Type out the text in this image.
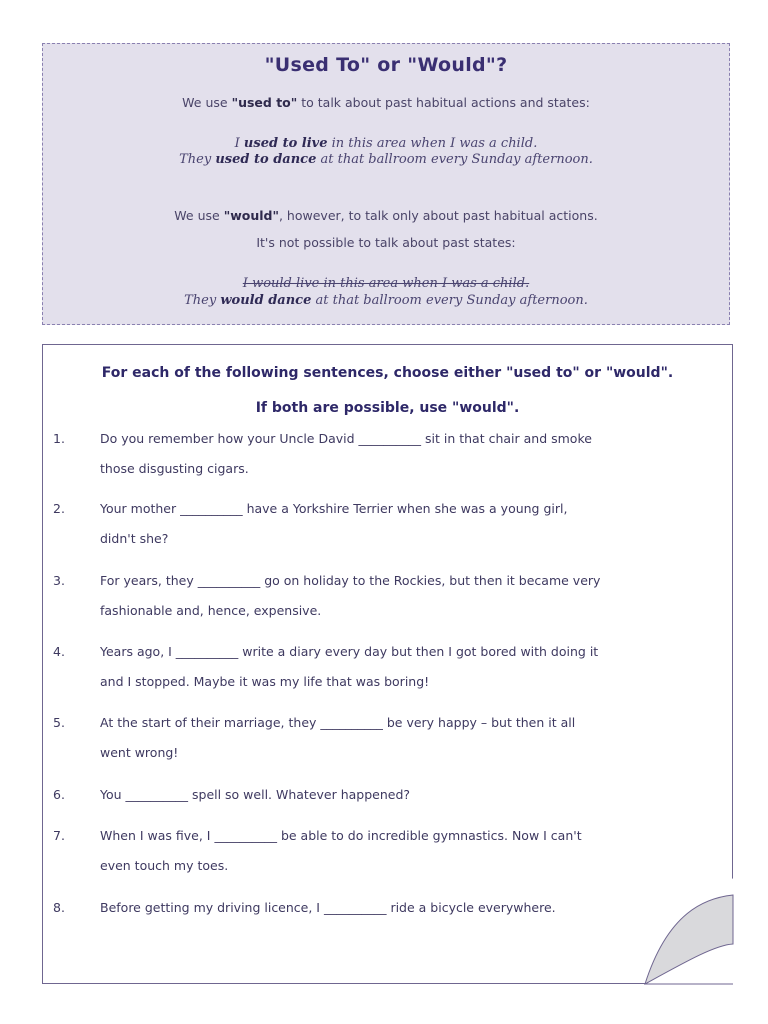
"Used To" or "Would"?
We use "used to" to talk about past habitual actions and states:
I used to live in this area when I was a child.
They used to dance at that ballroom every Sunday afternoon.
We use "would", however, to talk only about past habitual actions.
It's not possible to talk about past states:
I would live in this area when I was a child.
They would dance at that ballroom every Sunday afternoon.
For each of the following sentences, choose either "used to" or "would".
If both are possible, use "would".
1.	Do you remember how your Uncle David __________ sit in that chair and smoke
those disgusting cigars.
2.	Your mother __________ have a Yorkshire Terrier when she was a young girl,
didn't she?
3.	For years, they __________ go on holiday to the Rockies, but then it became very
fashionable and, hence, expensive.
4.	Years ago, I __________ write a diary every day but then I got bored with doing it
and I stopped. Maybe it was my life that was boring!
5.	At the start of their marriage, they __________ be very happy – but then it all
went wrong!
6.	You __________ spell so well. Whatever happened?
7.	When I was five, I __________ be able to do incredible gymnastics. Now I can't
even touch my toes.
8.	Before getting my driving licence, I __________ ride a bicycle everywhere.
